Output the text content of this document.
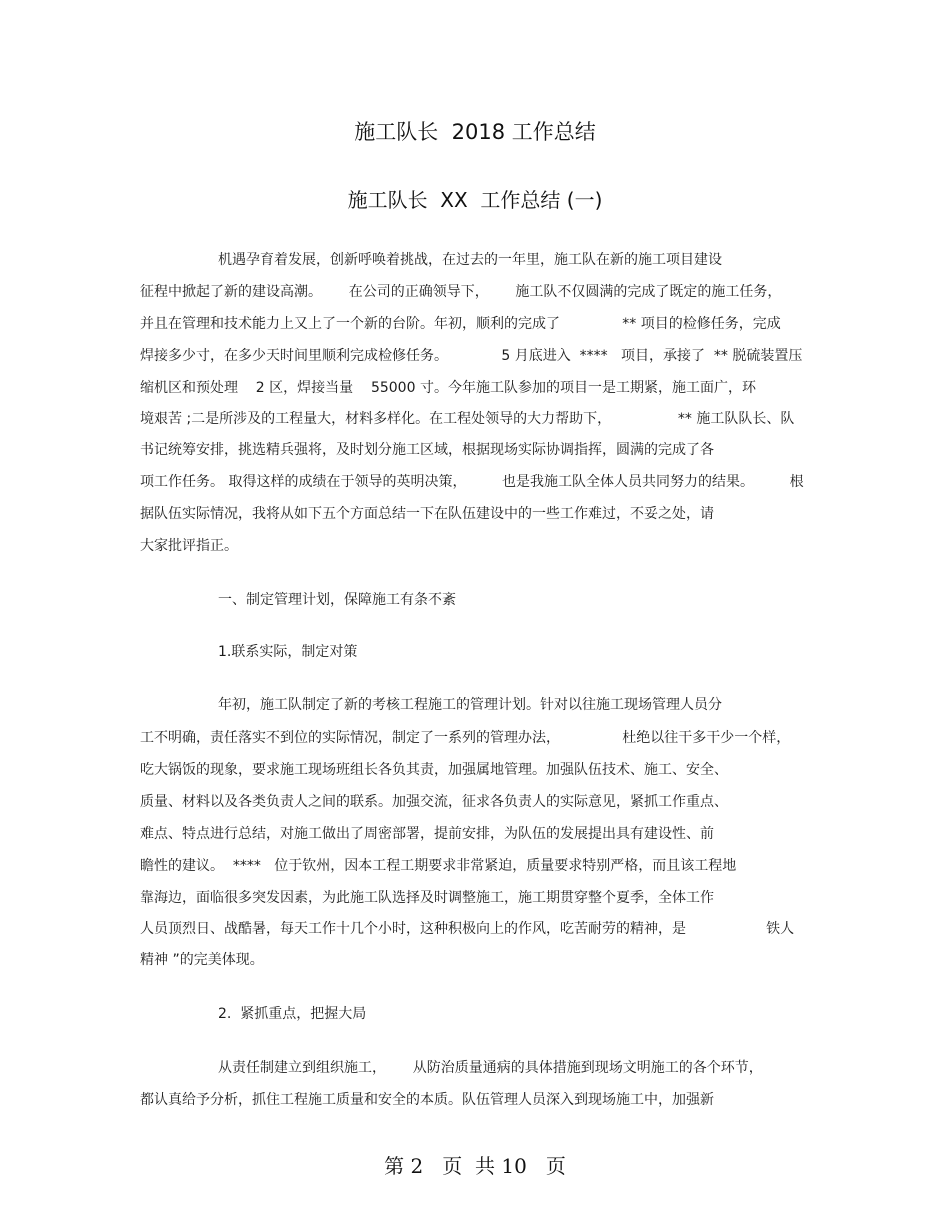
施工队长  2018 工作总结
施工队长  XX  工作总结 (一)
机遇孕育着发展，创新呼唤着挑战，在过去的一年里，施工队在新的施工项目建设
征程中掀起了新的建设高潮。      在公司的正确领导下，      施工队不仅圆满的完成了既定的施工任务，
并且在管理和技术能力上又上了一个新的台阶。年初，顺利的完成了              ** 项目的检修任务，完成
焊接多少寸，在多少天时间里顺利完成检修任务。            5 月底进入  ****   项目，承接了  ** 脱硫装置压
缩机区和预处理    2 区，焊接当量    55000 寸。今年施工队参加的项目一是工期紧，施工面广，环
境艰苦 ;二是所涉及的工程量大，材料多样化。在工程处领导的大力帮助下，               ** 施工队队长、队
书记统筹安排，挑选精兵强将，及时划分施工区域，根据现场实际协调指挥，圆满的完成了各
项工作任务。 取得这样的成绩在于领导的英明决策，        也是我施工队全体人员共同努力的结果。        根
据队伍实际情况，我将从如下五个方面总结一下在队伍建设中的一些工作难过，不妥之处，请
大家批评指正。
一、制定管理计划，保障施工有条不紊
1.联系实际，制定对策
年初，施工队制定了新的考核工程施工的管理计划。针对以往施工现场管理人员分
工不明确，责任落实不到位的实际情况，制定了一系列的管理办法，              杜绝以往干多干少一个样，
吃大锅饭的现象，要求施工现场班组长各负其责，加强属地管理。加强队伍技术、施工、安全、
质量、材料以及各类负责人之间的联系。加强交流，征求各负责人的实际意见，紧抓工作重点、
难点、特点进行总结，对施工做出了周密部署，提前安排，为队伍的发展提出具有建设性、前
瞻性的建议。  ****   位于钦州，因本工程工期要求非常紧迫，质量要求特别严格，而且该工程地
靠海边，面临很多突发因素，为此施工队选择及时调整施工，施工期贯穿整个夏季，全体工作
人员顶烈日、战酷暑，每天工作十几个小时，这种积极向上的作风，吃苦耐劳的精神，是                  铁人
精神 ”的完美体现。
2.  紧抓重点，把握大局
从责任制建立到组织施工，      从防治质量通病的具体措施到现场文明施工的各个环节，
都认真给予分析，抓住工程施工质量和安全的本质。队伍管理人员深入到现场施工中，加强新
第 2   页  共 10   页
